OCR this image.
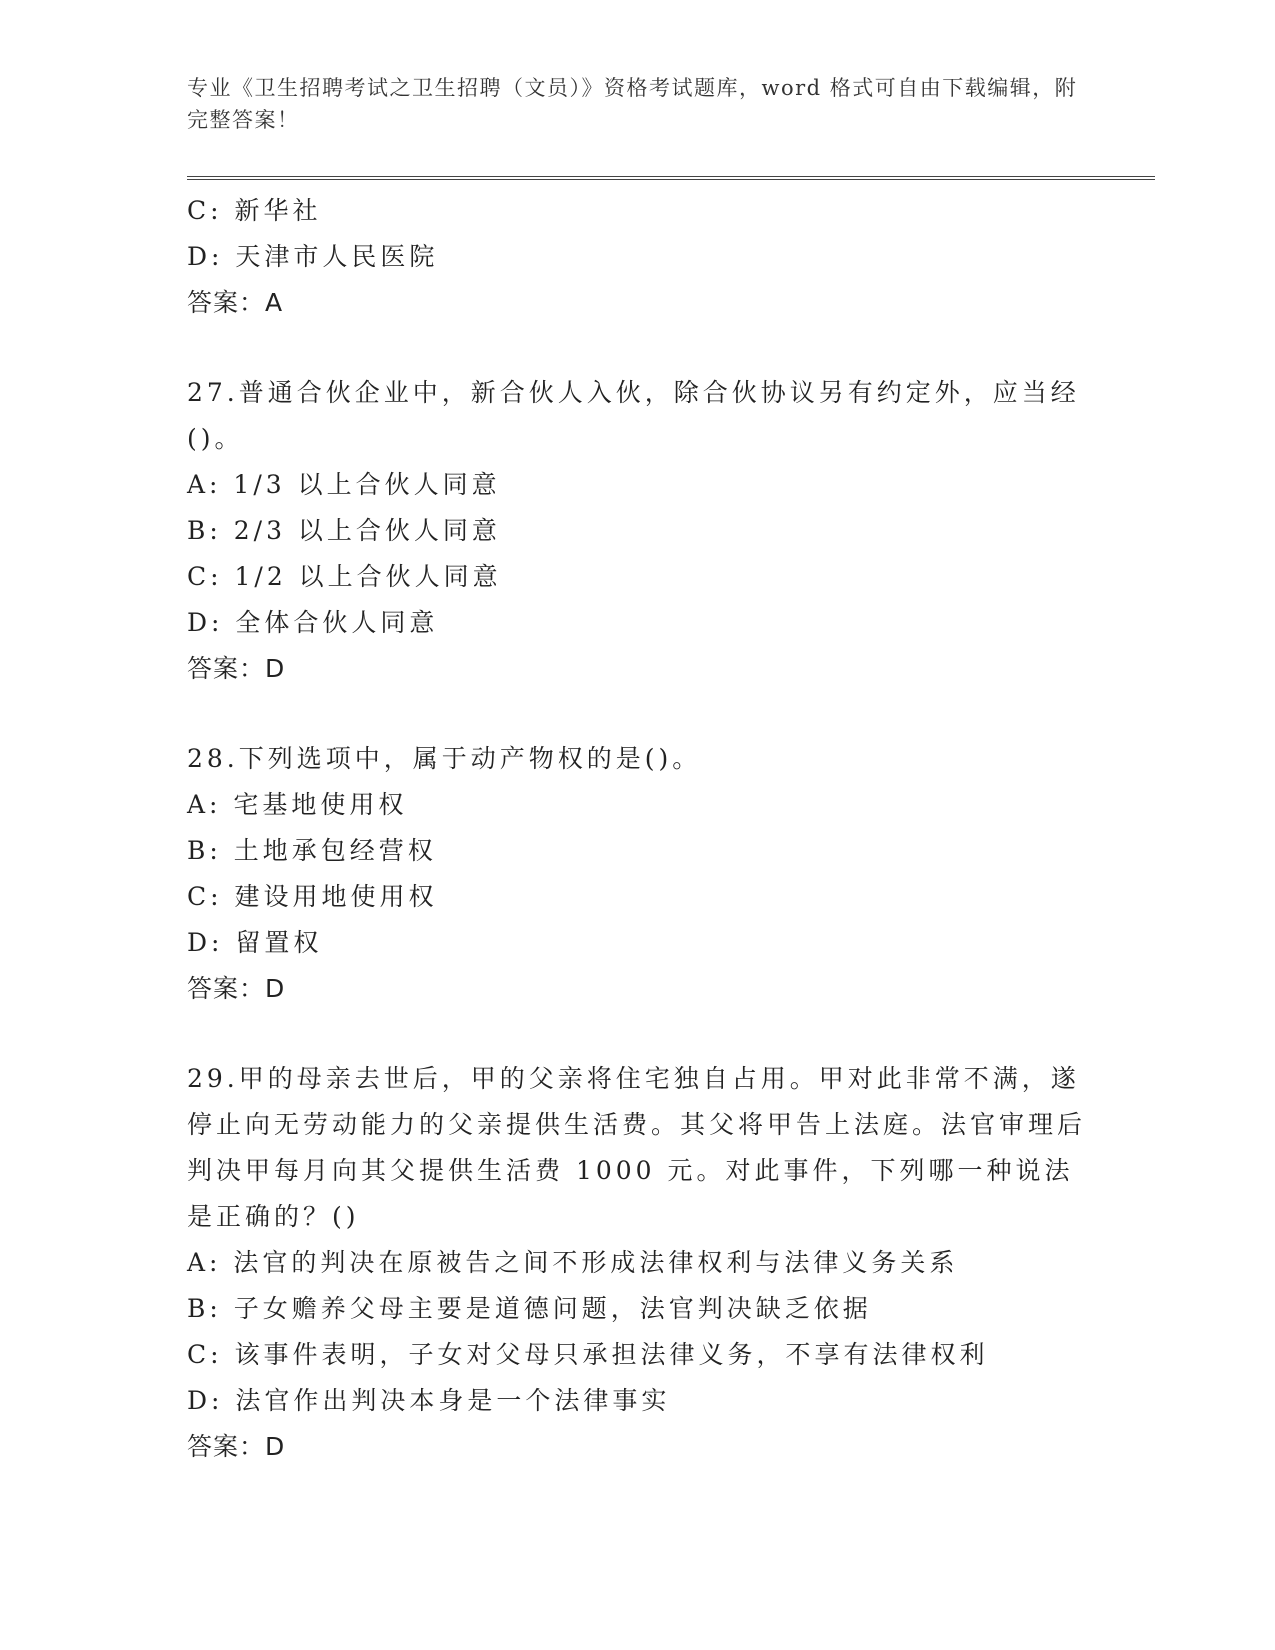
专业《卫生招聘考试之卫生招聘（文员）》资格考试题库，word 格式可自由下载编辑，附完整答案！
C: 新华社
D: 天津市人民医院
答案：A
27.普通合伙企业中，新合伙人入伙，除合伙协议另有约定外，应当经()。
A: 1/3 以上合伙人同意
B: 2/3 以上合伙人同意
C: 1/2 以上合伙人同意
D: 全体合伙人同意
答案：D
28.下列选项中，属于动产物权的是()。
A: 宅基地使用权
B: 土地承包经营权
C: 建设用地使用权
D: 留置权
答案：D
29.甲的母亲去世后，甲的父亲将住宅独自占用。甲对此非常不满，遂停止向无劳动能力的父亲提供生活费。其父将甲告上法庭。法官审理后判决甲每月向其父提供生活费 1000 元。对此事件，下列哪一种说法是正确的？()
A: 法官的判决在原被告之间不形成法律权利与法律义务关系
B: 子女赡养父母主要是道德问题，法官判决缺乏依据
C: 该事件表明，子女对父母只承担法律义务，不享有法律权利
D: 法官作出判决本身是一个法律事实
答案：D
